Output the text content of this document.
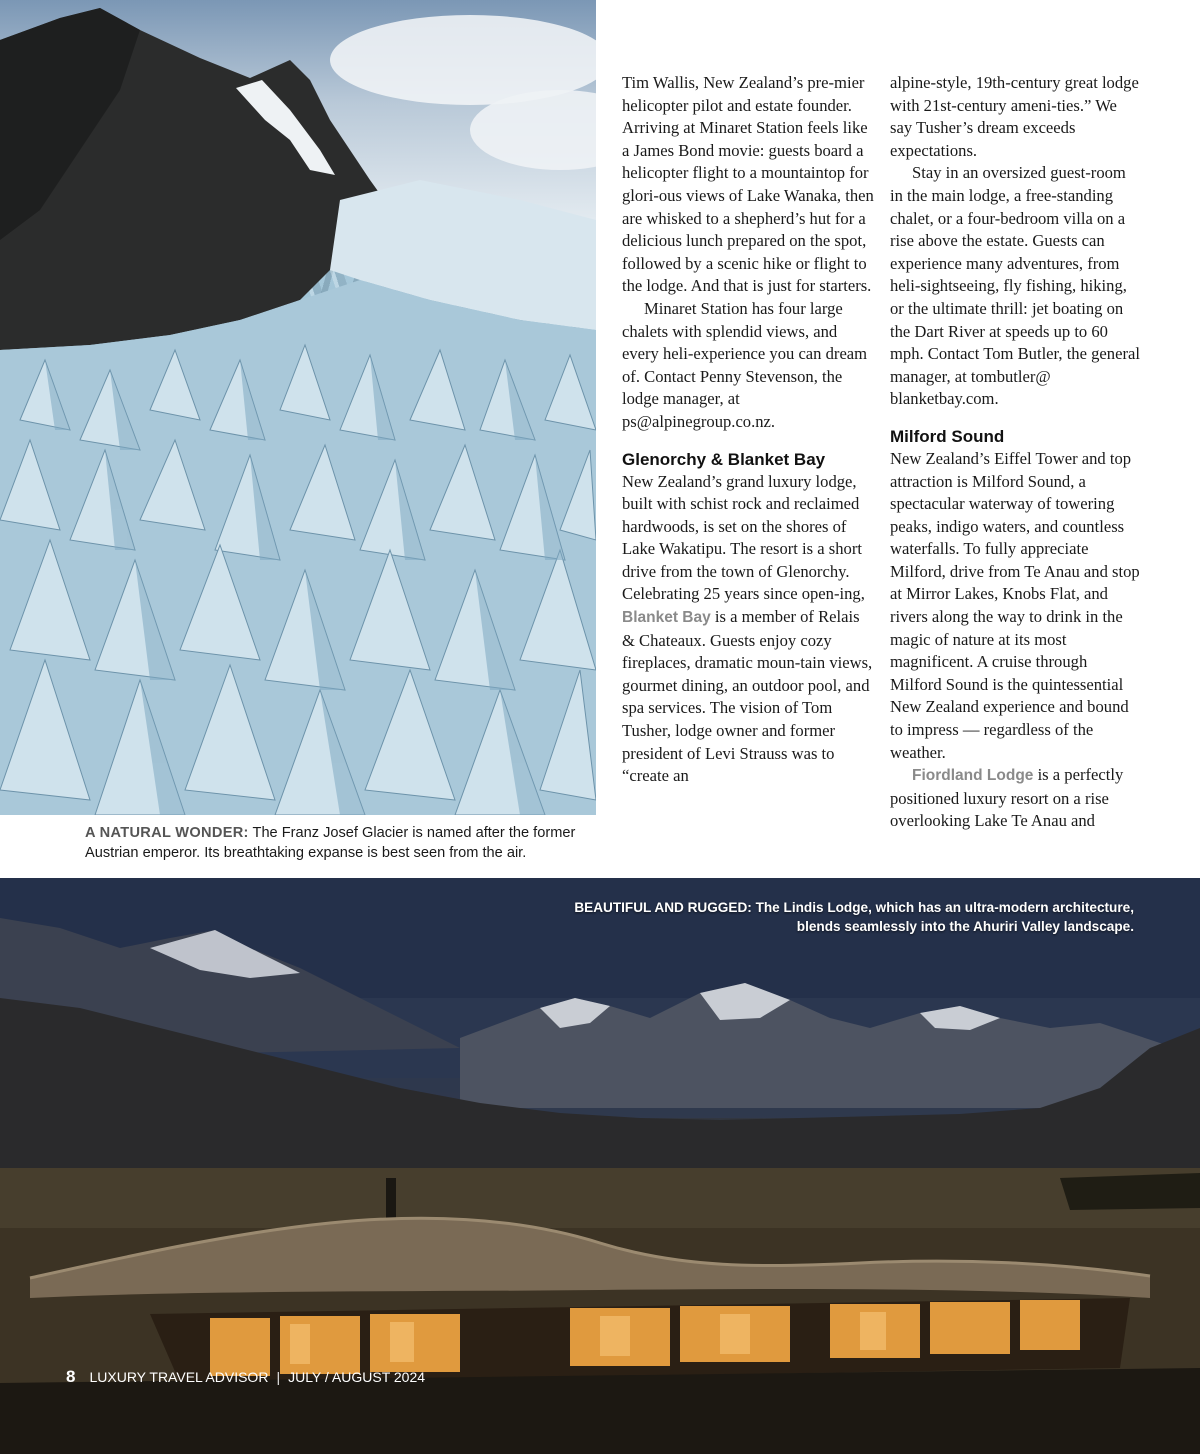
Tim Wallis, New Zealand’s pre-mier helicopter pilot and estate founder. Arriving at Minaret Station feels like a James Bond movie: guests board a helicopter flight to a mountaintop for glori-ous views of Lake Wanaka, then are whisked to a shepherd’s hut for a delicious lunch prepared on the spot, followed by a scenic hike or flight to the lodge. And that is just for starters.

Minaret Station has four large chalets with splendid views, and every heli-experience you can dream of. Contact Penny Stevenson, the lodge manager, at ps@alpinegroup.co.nz.

Glenorchy & Blanket Bay

New Zealand’s grand luxury lodge, built with schist rock and reclaimed hardwoods, is set on the shores of Lake Wakatipu. The resort is a short drive from the town of Glenorchy. Celebrating 25 years since open-ing, Blanket Bay is a member of Relais & Chateaux. Guests enjoy cozy fireplaces, dramatic moun-tain views, gourmet dining, an outdoor pool, and spa services. The vision of Tom Tusher, lodge owner and former president of Levi Strauss was to “create an

alpine-style, 19th-century great lodge with 21st-century ameni-ties.” We say Tusher’s dream exceeds expectations.

Stay in an oversized guest-room in the main lodge, a free-standing chalet, or a four-bedroom villa on a rise above the estate. Guests can experience many adventures, from heli-sightseeing, fly fishing, hiking, or the ultimate thrill: jet boating on the Dart River at speeds up to 60 mph. Contact Tom Butler, the general manager, at tombutler@ blanketbay.com.

Milford Sound

New Zealand’s Eiffel Tower and top attraction is Milford Sound, a spectacular waterway of towering peaks, indigo waters, and countless waterfalls. To fully appreciate Milford, drive from Te Anau and stop at Mirror Lakes, Knobs Flat, and rivers along the way to drink in the magic of nature at its most magnificent. A cruise through Milford Sound is the quintessential New Zealand experience and bound to impress — regardless of the weather.

Fiordland Lodge is a perfectly positioned luxury resort on a rise overlooking Lake Te Anau and

A NATURAL WONDER: The Franz Josef Glacier is named after the former Austrian emperor. Its breathtaking expanse is best seen from the air.
BEAUTIFUL AND RUGGED: The Lindis Lodge, which has an ultra-modern architecture,
blends seamlessly into the Ahuriri Valley landscape.
8 LUXURY TRAVEL ADVISOR | JULY / AUGUST 2024
